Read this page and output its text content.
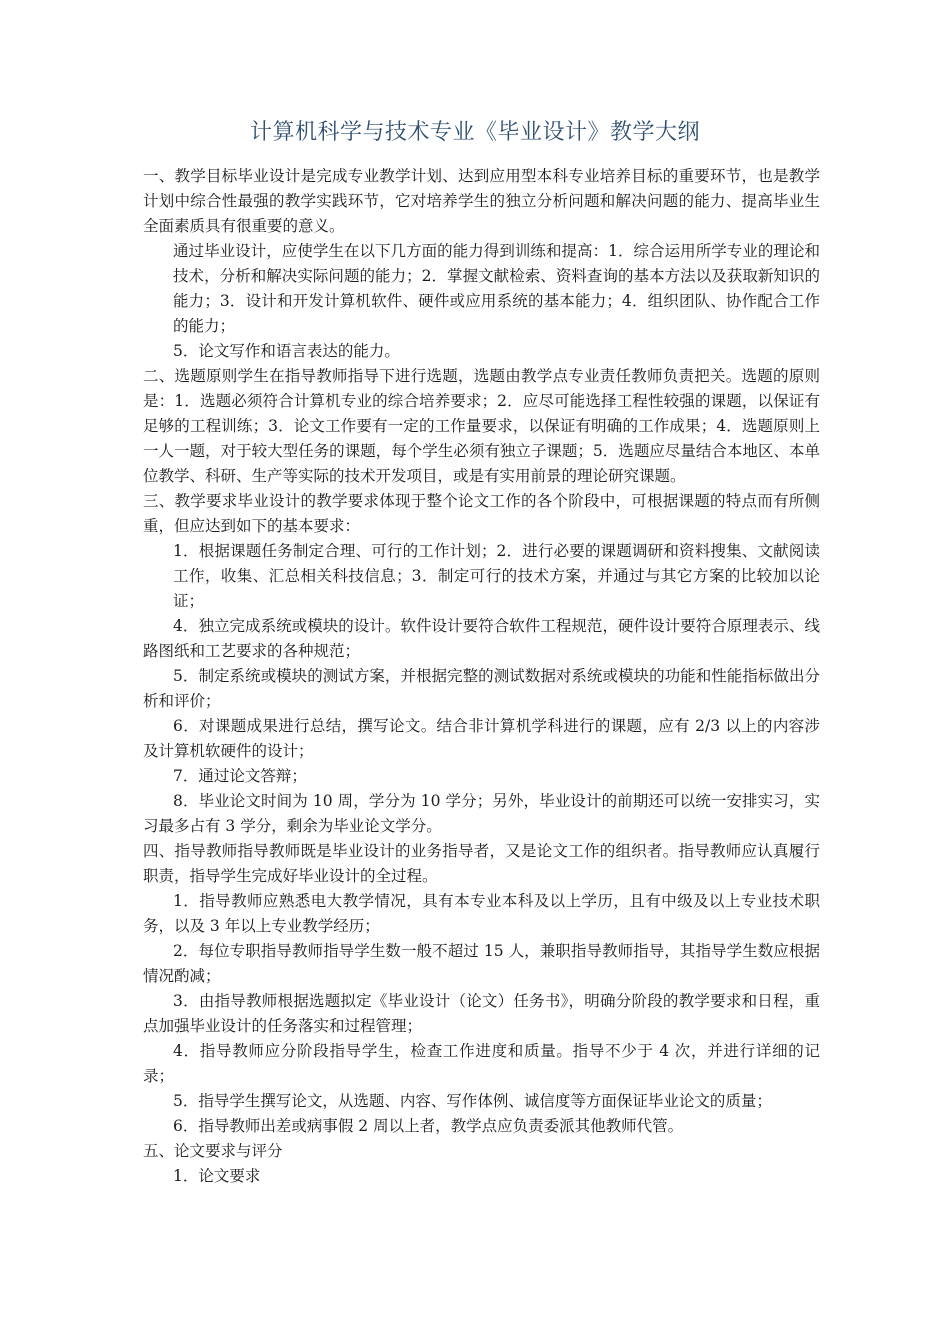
计算机科学与技术专业《毕业设计》教学大纲

一、教学目标毕业设计是完成专业教学计划、达到应用型本科专业培养目标的重要环节，也是教学计划中综合性最强的教学实践环节，它对培养学生的独立分析问题和解决问题的能力、提高毕业生全面素质具有很重要的意义。

通过毕业设计，应使学生在以下几方面的能力得到训练和提高：1．综合运用所学专业的理论和技术，分析和解决实际问题的能力；2．掌握文献检索、资料查询的基本方法以及获取新知识的能力；3．设计和开发计算机软件、硬件或应用系统的基本能力；4．组织团队、协作配合工作的能力；

5．论文写作和语言表达的能力。

二、选题原则学生在指导教师指导下进行选题，选题由教学点专业责任教师负责把关。选题的原则是：1．选题必须符合计算机专业的综合培养要求；2．应尽可能选择工程性较强的课题，以保证有足够的工程训练；3．论文工作要有一定的工作量要求，以保证有明确的工作成果；4．选题原则上一人一题，对于较大型任务的课题，每个学生必须有独立子课题；5．选题应尽量结合本地区、本单位教学、科研、生产等实际的技术开发项目，或是有实用前景的理论研究课题。

三、教学要求毕业设计的教学要求体现于整个论文工作的各个阶段中，可根据课题的特点而有所侧重，但应达到如下的基本要求：

1．根据课题任务制定合理、可行的工作计划；2．进行必要的课题调研和资料搜集、文献阅读工作，收集、汇总相关科技信息；3．制定可行的技术方案，并通过与其它方案的比较加以论证；

4．独立完成系统或模块的设计。软件设计要符合软件工程规范，硬件设计要符合原理表示、线路图纸和工艺要求的各种规范；

5．制定系统或模块的测试方案，并根据完整的测试数据对系统或模块的功能和性能指标做出分析和评价；

6．对课题成果进行总结，撰写论文。结合非计算机学科进行的课题，应有 2/3 以上的内容涉及计算机软硬件的设计；

7．通过论文答辩；

8．毕业论文时间为 10 周，学分为 10 学分；另外，毕业设计的前期还可以统一安排实习，实习最多占有 3 学分，剩余为毕业论文学分。

四、指导教师指导教师既是毕业设计的业务指导者，又是论文工作的组织者。指导教师应认真履行职责，指导学生完成好毕业设计的全过程。

1．指导教师应熟悉电大教学情况，具有本专业本科及以上学历，且有中级及以上专业技术职务，以及 3 年以上专业教学经历；

2．每位专职指导教师指导学生数一般不超过 15 人，兼职指导教师指导，其指导学生数应根据情况酌减；

3．由指导教师根据选题拟定《毕业设计（论文）任务书》，明确分阶段的教学要求和日程，重点加强毕业设计的任务落实和过程管理；

4．指导教师应分阶段指导学生，检查工作进度和质量。指导不少于 4 次，并进行详细的记录；

5．指导学生撰写论文，从选题、内容、写作体例、诚信度等方面保证毕业论文的质量；

6．指导教师出差或病事假 2 周以上者，教学点应负责委派其他教师代管。

五、论文要求与评分

1．论文要求
